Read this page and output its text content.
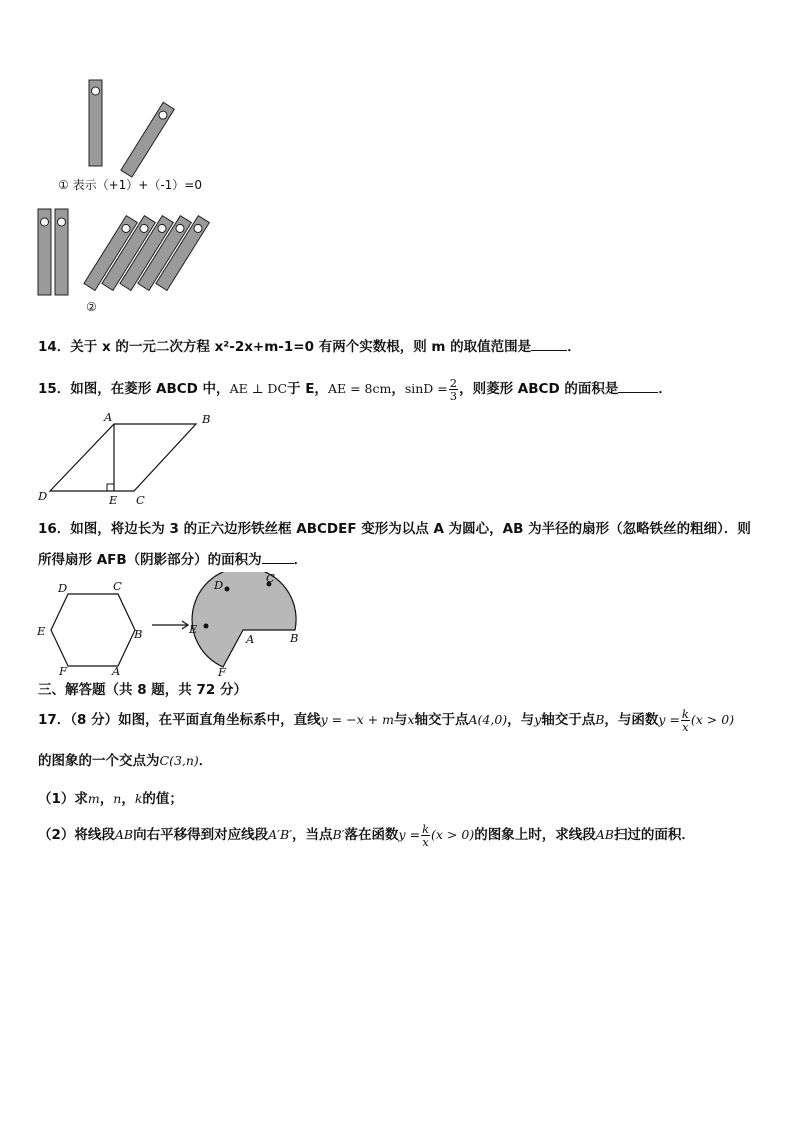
① 表示（+1）+（-1）=0
②
14．关于 x 的一元二次方程 x²-2x+m-1=0 有两个实数根，则 m 的取值范围是	．
15．如图，在菱形 ABCD 中，AE ⊥ DC于 E，AE = 8cm，$\sin D = \frac{2}{3}$ ，则菱形 ABCD 的面积是	．
A	B
C
D	E
16．如图，将边长为 3 的正六边形铁丝框 ABCDEF 变形为以点 A 为圆心，AB 为半径的扇形（忽略铁丝的粗细）．则
所得扇形 AFB（阴影部分）的面积为 ．
D	C
E	B
F	A
D	C
E
A	B
F
三、解答题（共 8 题，共 72 分）
17．（8 分）如图，在平面直角坐标系中，直线y = −x + m与x轴交于点A(4,0)，与y轴交于点B，与函数$y = \frac{k}{x} (x > 0)$
的图象的一个交点为C(3,n)．
（1）求m，n，k的值；
（2）将线段AB向右平移得到对应线段A′B′，当点B′落在函数$y = \frac{k}{x} (x > 0)$的图象上时，求线段AB扫过的面积．
